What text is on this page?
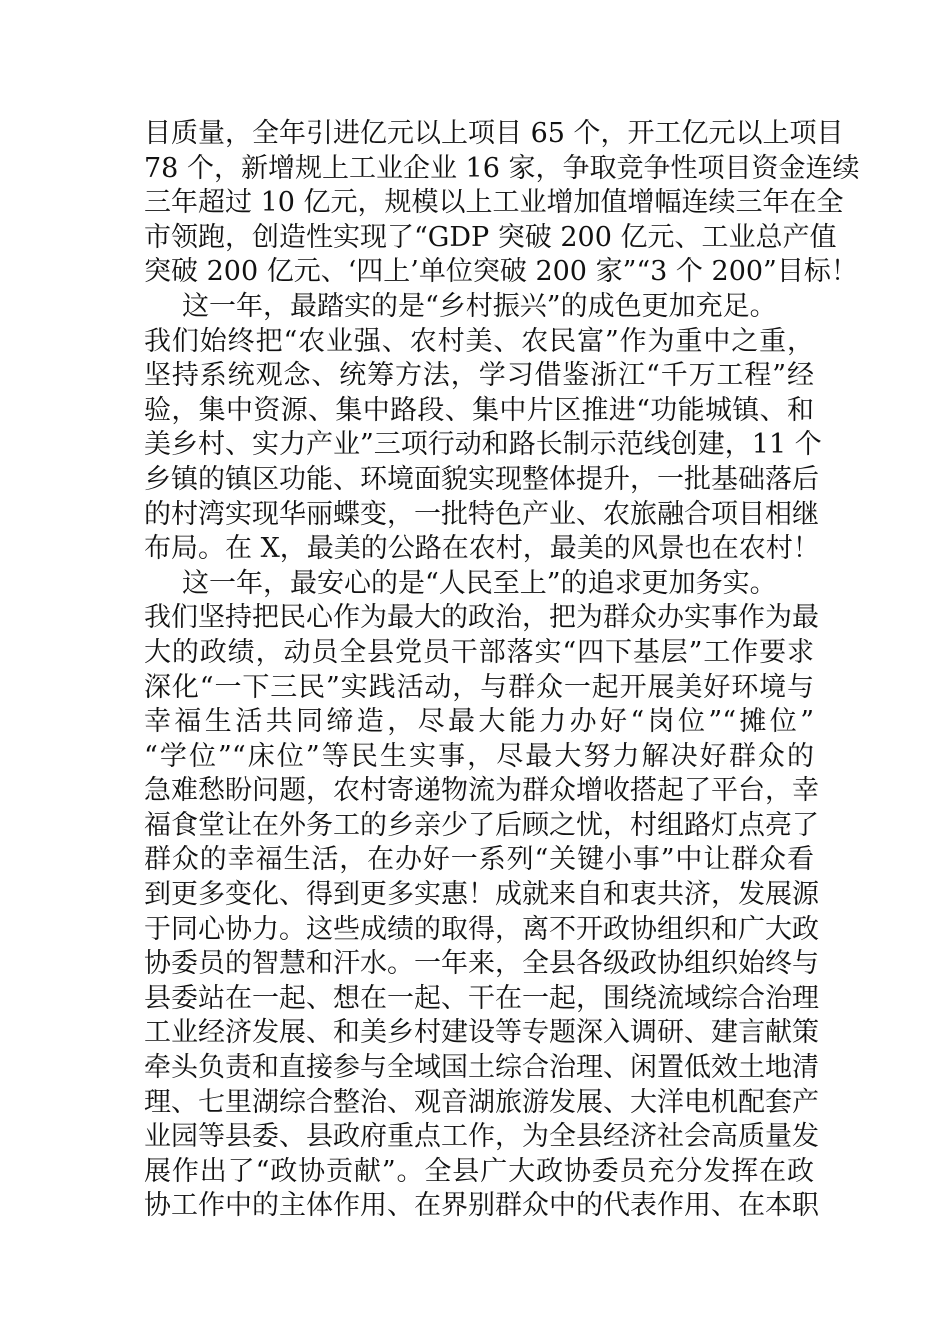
目质量，全年引进亿元以上项目 65 个，开工亿元以上项目
78 个，新增规上工业企业 16 家，争取竞争性项目资金连续
三年超过 10 亿元，规模以上工业增加值增幅连续三年在全
市领跑，创造性实现了“GDP 突破 200 亿元、工业总产值
突破 200 亿元、‘四上’单位突破 200 家”“3 个 200”目标！
这一年，最踏实的是“乡村振兴”的成色更加充足。
我们始终把“农业强、农村美、农民富”作为重中之重，
坚持系统观念、统筹方法，学习借鉴浙江“千万工程”经
验，集中资源、集中路段、集中片区推进“功能城镇、和
美乡村、实力产业”三项行动和路长制示范线创建，11 个
乡镇的镇区功能、环境面貌实现整体提升，一批基础落后
的村湾实现华丽蝶变，一批特色产业、农旅融合项目相继
布局。在 X，最美的公路在农村，最美的风景也在农村！
这一年，最安心的是“人民至上”的追求更加务实。
我们坚持把民心作为最大的政治，把为群众办实事作为最
大的政绩，动员全县党员干部落实“四下基层”工作要求
深化“一下三民”实践活动，与群众一起开展美好环境与
幸福生活共同缔造，尽最大能力办好“岗位”“摊位”
“学位”“床位”等民生实事，尽最大努力解决好群众的
急难愁盼问题，农村寄递物流为群众增收搭起了平台，幸
福食堂让在外务工的乡亲少了后顾之忧，村组路灯点亮了
群众的幸福生活，在办好一系列“关键小事”中让群众看
到更多变化、得到更多实惠！成就来自和衷共济，发展源
于同心协力。这些成绩的取得，离不开政协组织和广大政
协委员的智慧和汗水。一年来，全县各级政协组织始终与
县委站在一起、想在一起、干在一起，围绕流域综合治理
工业经济发展、和美乡村建设等专题深入调研、建言献策
牵头负责和直接参与全域国土综合治理、闲置低效土地清
理、七里湖综合整治、观音湖旅游发展、大洋电机配套产
业园等县委、县政府重点工作，为全县经济社会高质量发
展作出了“政协贡献”。全县广大政协委员充分发挥在政
协工作中的主体作用、在界别群众中的代表作用、在本职
